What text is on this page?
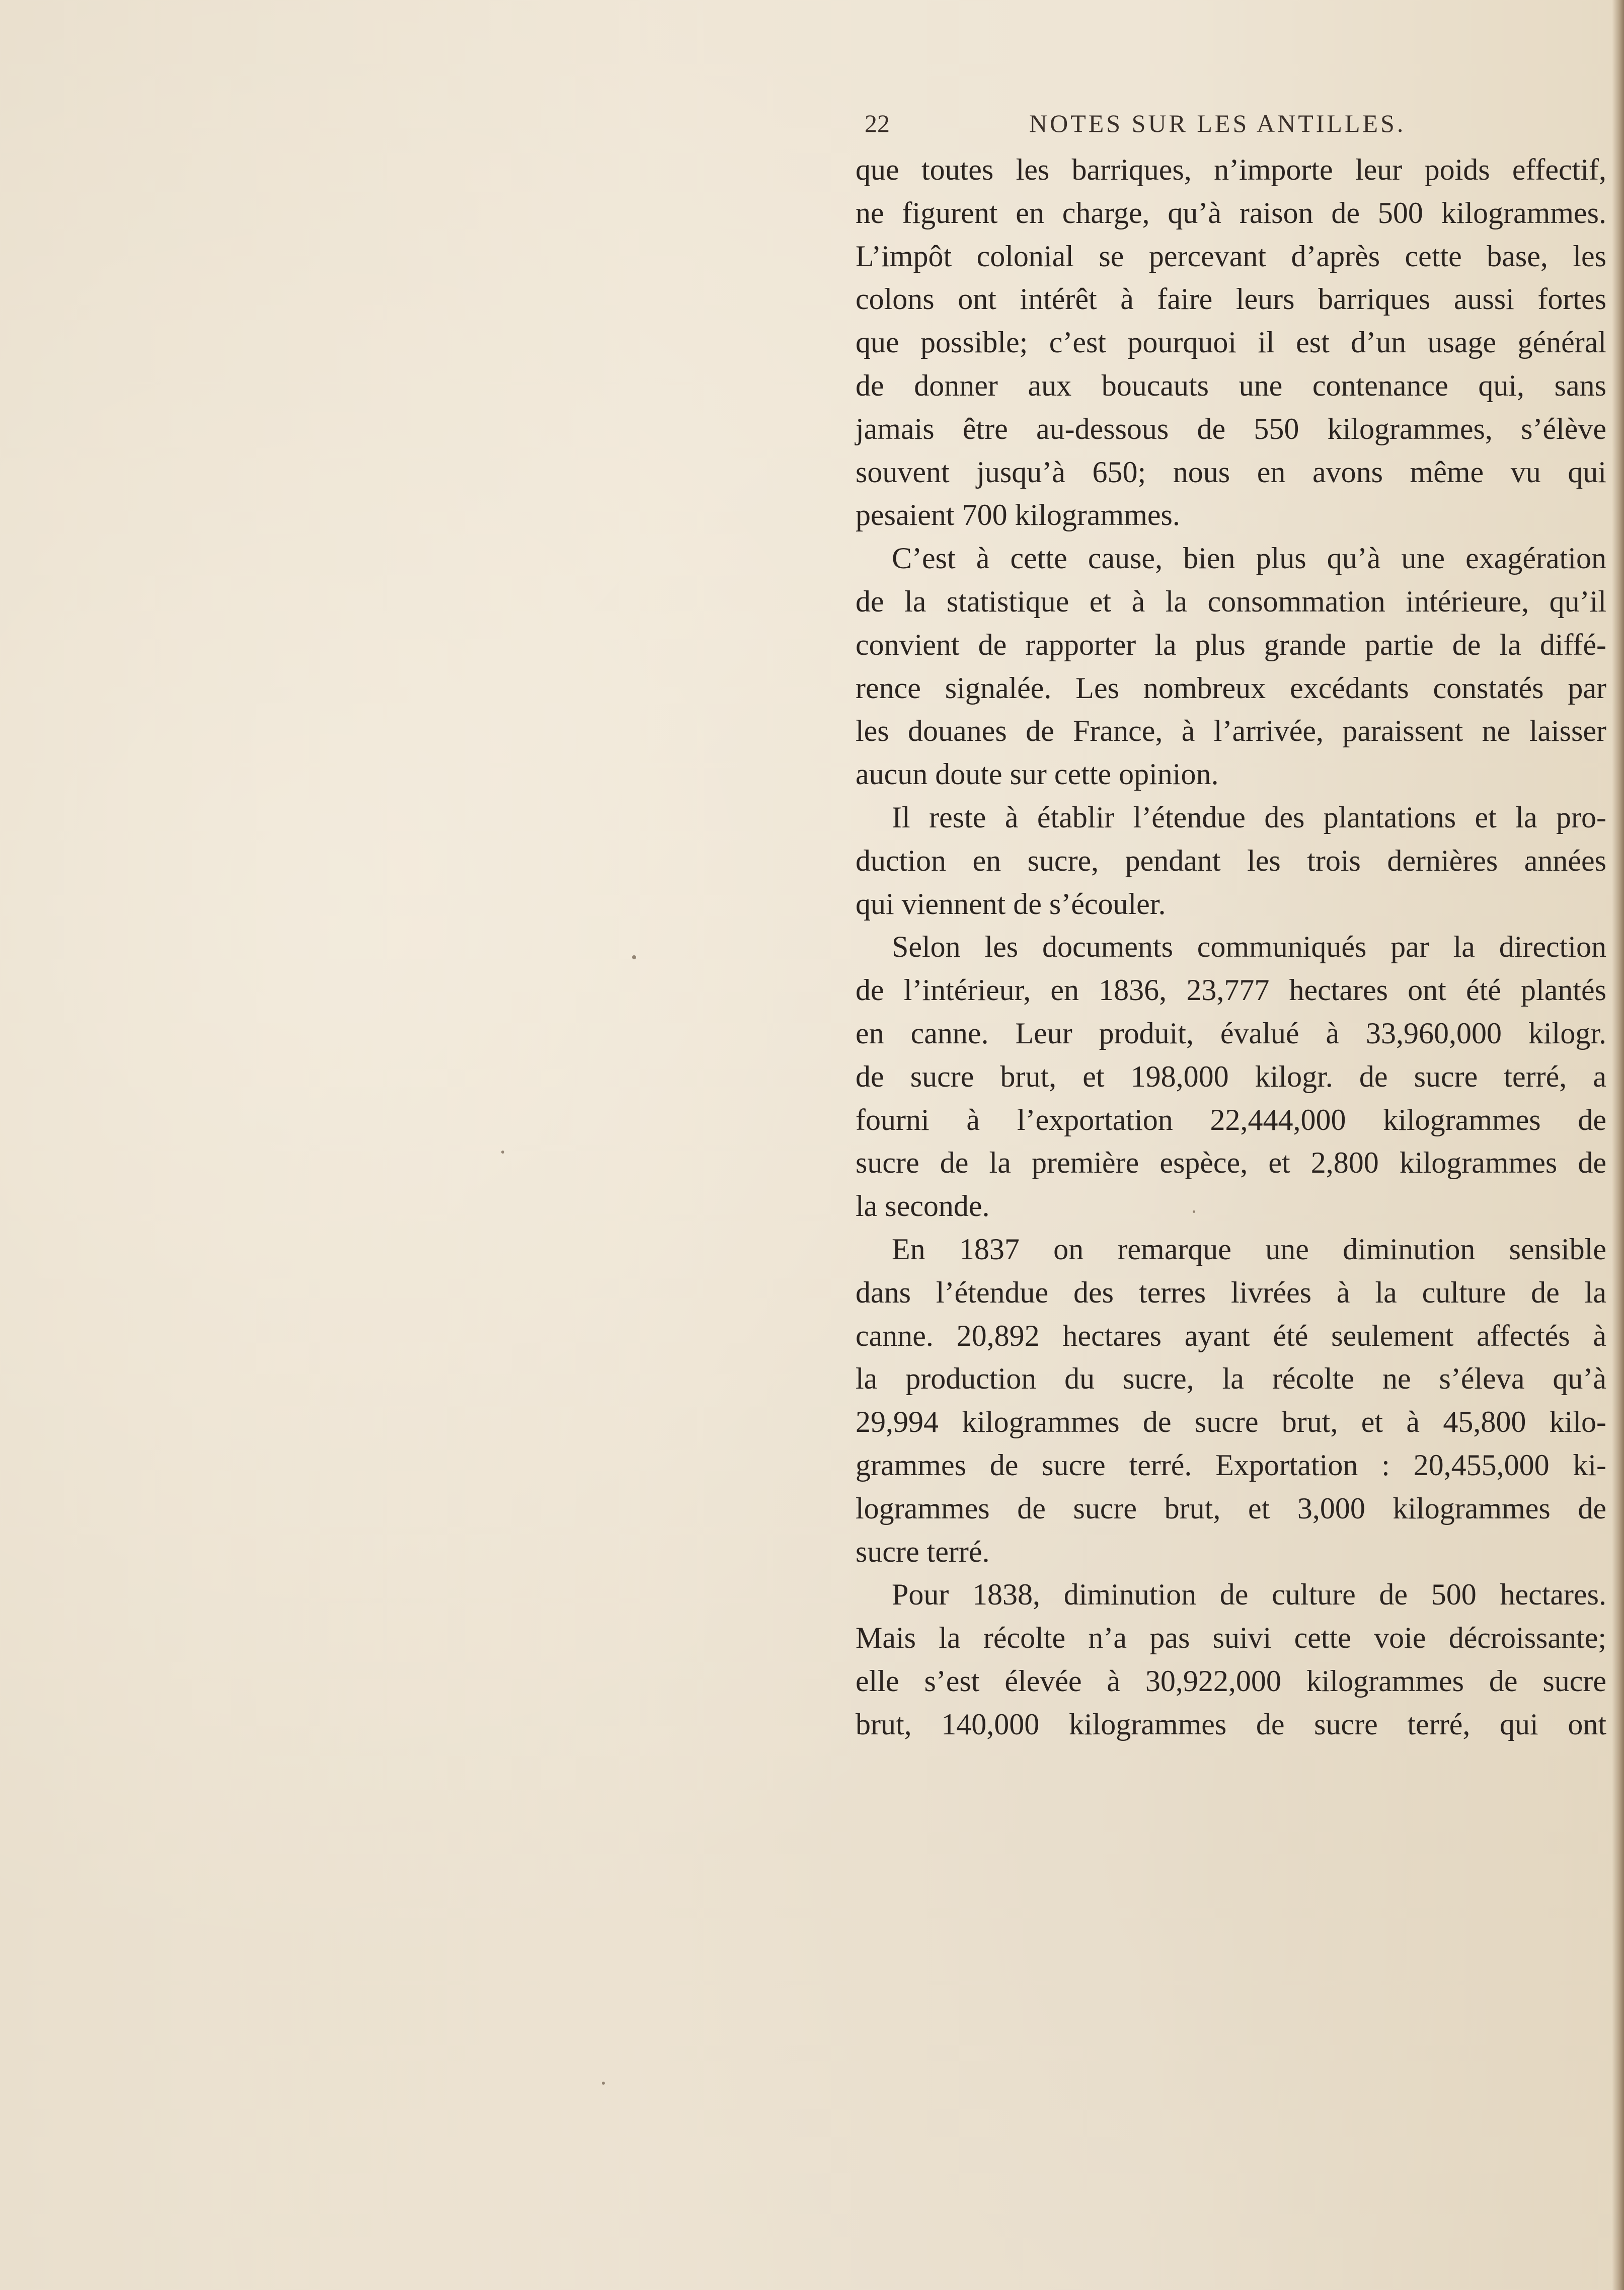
22	NOTES SUR LES ANTILLES.

que toutes les barriques, n’importe leur poids effectif,

ne figurent en charge, qu’à raison de 500 kilogrammes.

L’impôt colonial se percevant d’après cette base, les

colons ont intérêt à faire leurs barriques aussi fortes

que possible; c’est pourquoi il est d’un usage général

de donner aux boucauts une contenance qui, sans

jamais être au-dessous de 550 kilogrammes, s’élève

souvent jusqu’à 650; nous en avons même vu qui

pesaient 700 kilogrammes.

C’est à cette cause, bien plus qu’à une exagération

de la statistique et à la consommation intérieure, qu’il

convient de rapporter la plus grande partie de la diffé-

rence signalée. Les nombreux excédants constatés par

les douanes de France, à l’arrivée, paraissent ne laisser

aucun doute sur cette opinion.

Il reste à établir l’étendue des plantations et la pro-

duction en sucre, pendant les trois dernières années

qui viennent de s’écouler.

Selon les documents communiqués par la direction

de l’intérieur, en 1836, 23,777 hectares ont été plantés

en canne. Leur produit, évalué à 33,960,000 kilogr.

de sucre brut, et 198,000 kilogr. de sucre terré, a

fourni à l’exportation 22,444,000 kilogrammes de

sucre de la première espèce, et 2,800 kilogrammes de

la seconde.

En 1837 on remarque une diminution sensible

dans l’étendue des terres livrées à la culture de la

canne. 20,892 hectares ayant été seulement affectés à

la production du sucre, la récolte ne s’éleva qu’à

29,994 kilogrammes de sucre brut, et à 45,800 kilo-

grammes de sucre terré. Exportation : 20,455,000 ki-

logrammes de sucre brut, et 3,000 kilogrammes de

sucre terré.

Pour 1838, diminution de culture de 500 hectares.

Mais la récolte n’a pas suivi cette voie décroissante;

elle s’est élevée à 30,922,000 kilogrammes de sucre

brut, 140,000 kilogrammes de sucre terré, qui ont
